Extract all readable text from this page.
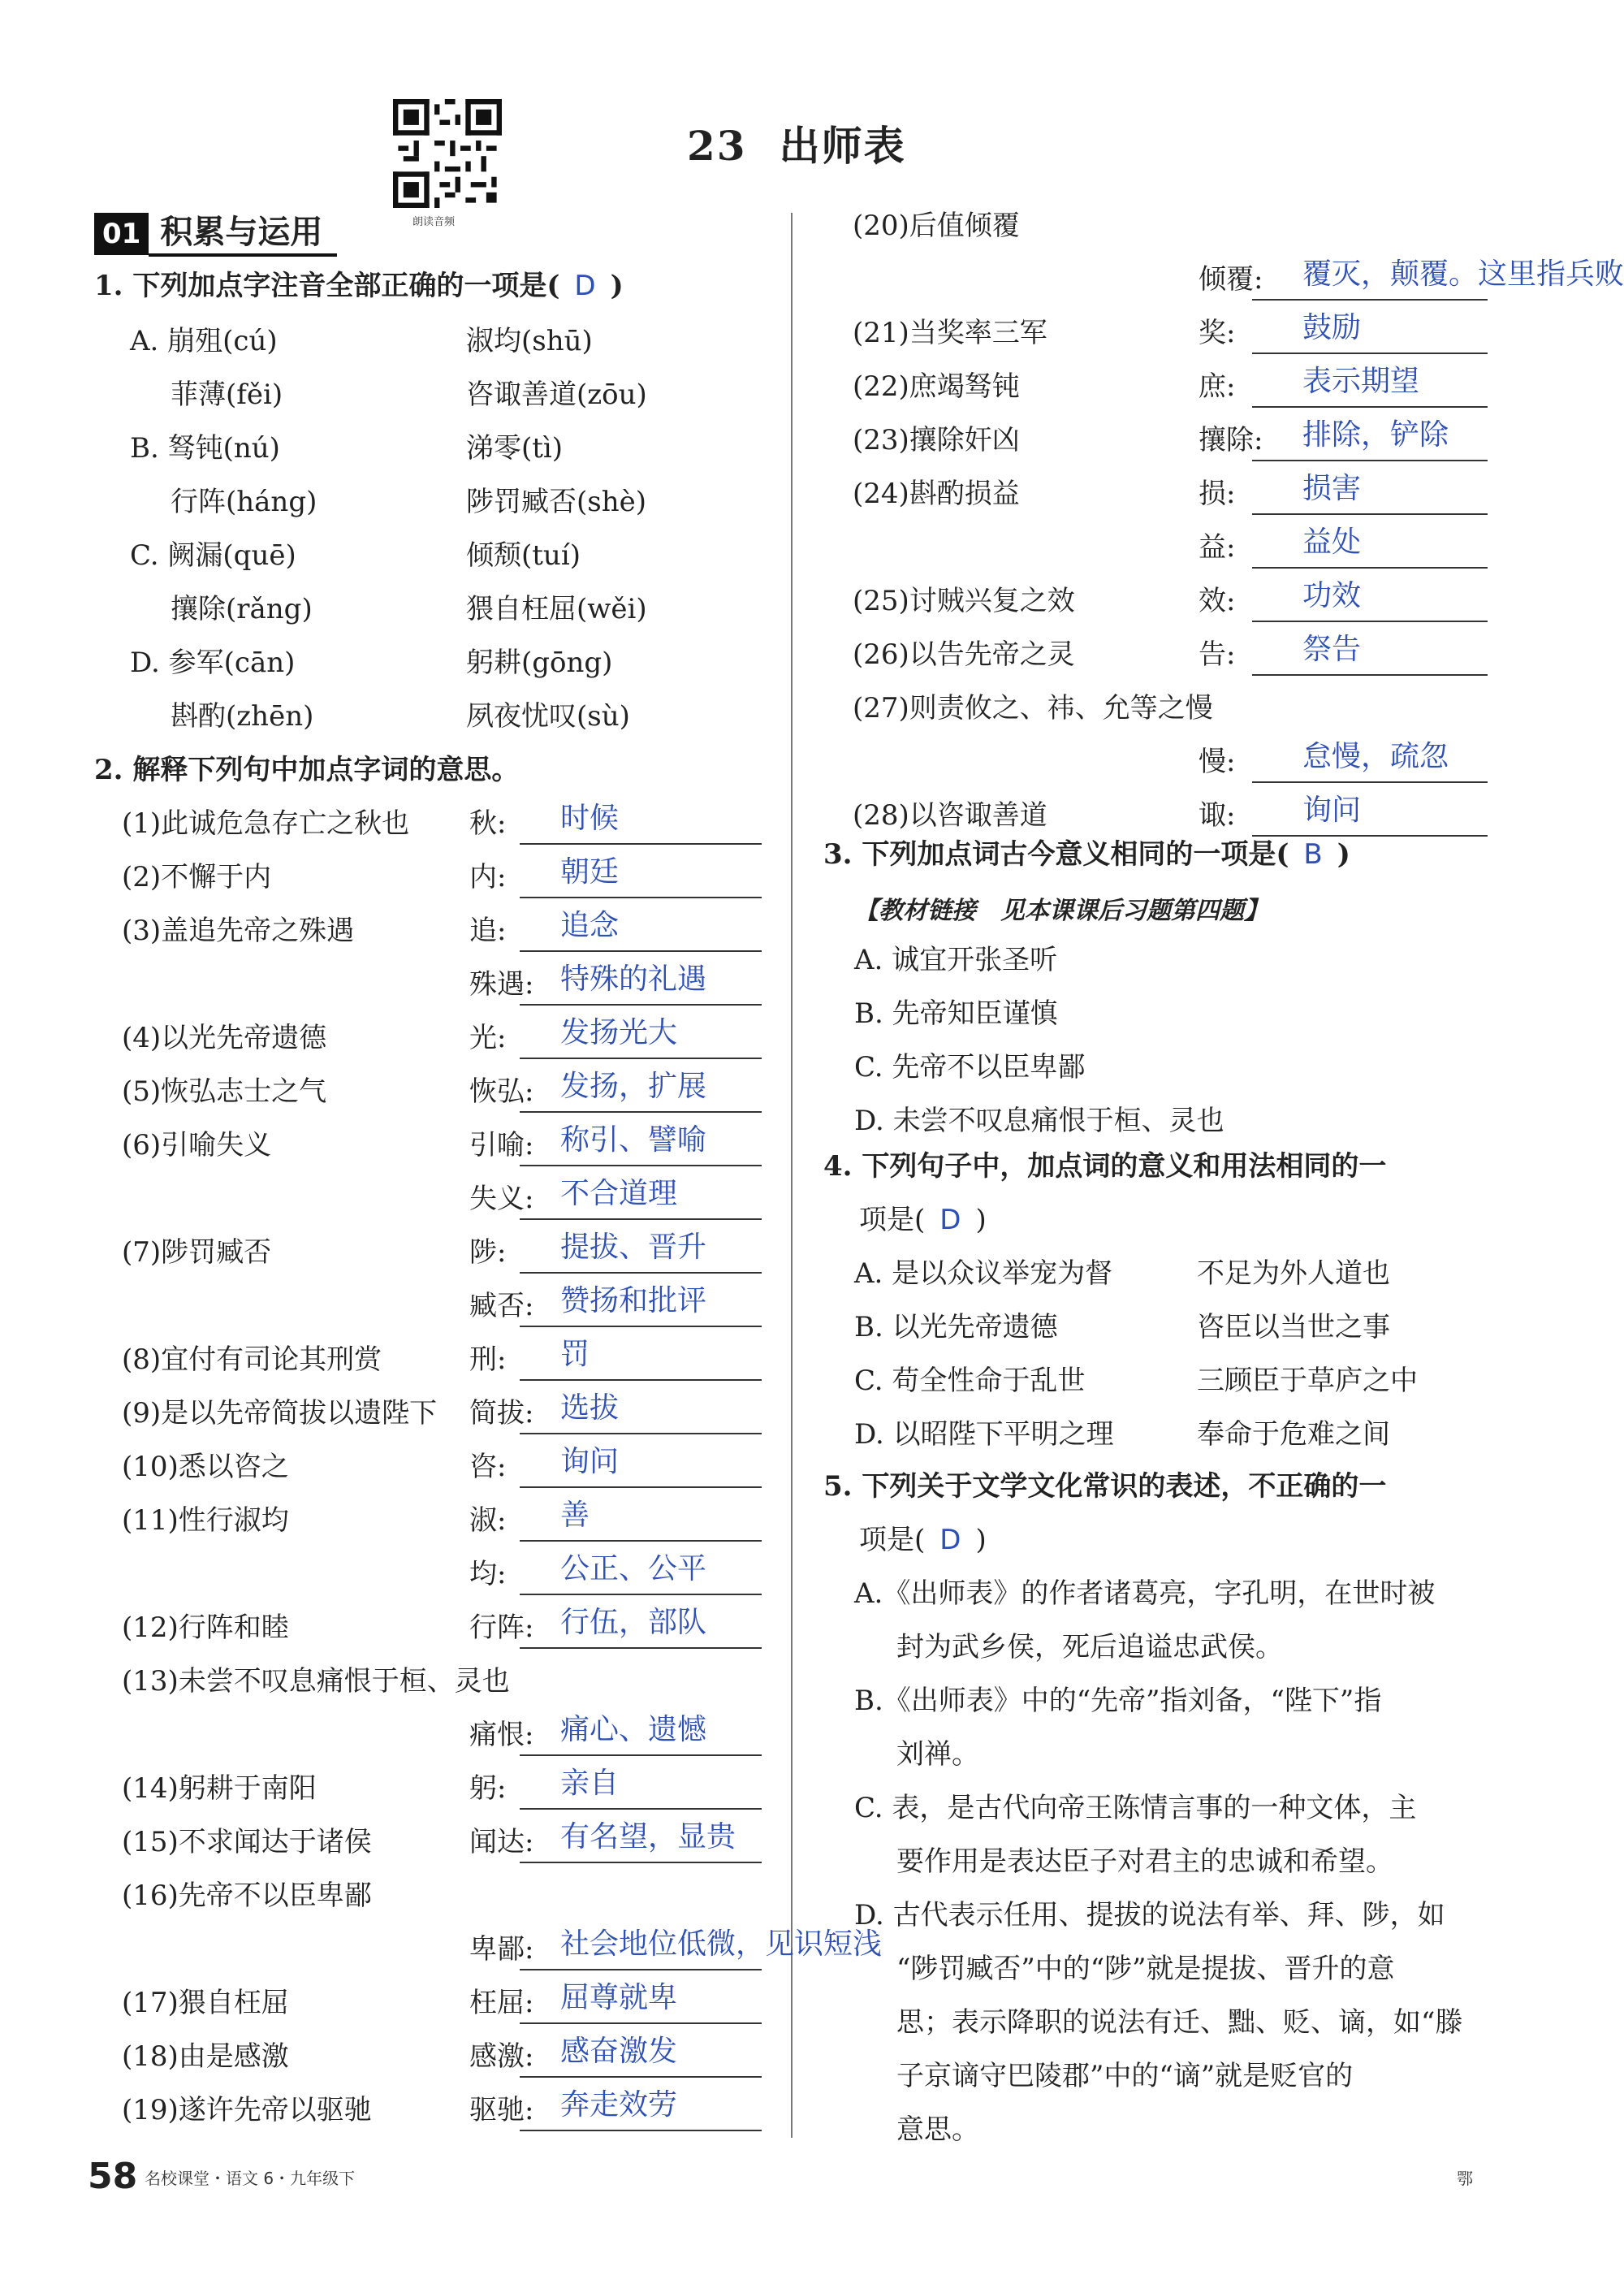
朗读音频
23 出师表
01 积累与运用
1. 下列加点字注音全部正确的一项是( D )
A. 崩殂(cú)	淑均(shū)
菲薄(fěi)	咨诹善道(zōu)
B. 驽钝(nú)	涕零(tì)
行阵(háng)	陟罚臧否(shè)
C. 阙漏(quē)	倾颓(tuí)
攘除(rǎng)	猥自枉屈(wěi)
D. 参军(cān)	躬耕(gōng)
斟酌(zhēn)	夙夜忧叹(sù)
2. 解释下列句中加点字词的意思。
(1)此诚危急存亡之秋也 秋: 时候
(2)不懈于内	内: 朝廷
(3)盖追先帝之殊遇	追: 追念
殊遇: 特殊的礼遇
(4)以光先帝遗德	光: 发扬光大
(5)恢弘志士之气	恢弘: 发扬，扩展
(6)引喻失义	引喻: 称引、譬喻
失义: 不合道理
(7)陟罚臧否	陟: 提拔、晋升
臧否: 赞扬和批评
(8)宜付有司论其刑赏	刑: 罚
(9)是以先帝简拔以遗陛下 简拔: 选拔
(10)悉以咨之	咨: 询问
(11)性行淑均	淑: 善
均: 公正、公平
(12)行阵和睦	行阵: 行伍，部队
(13)未尝不叹息痛恨于桓、灵也
痛恨: 痛心、遗憾
(14)躬耕于南阳	躬: 亲自
(15)不求闻达于诸侯	闻达: 有名望，显贵
(16)先帝不以臣卑鄙
卑鄙: 社会地位低微，见识短浅
(17)猥自枉屈	枉屈: 屈尊就卑
(18)由是感激	感激: 感奋激发
(19)遂许先帝以驱驰	驱驰: 奔走效劳
(20)后值倾覆
倾覆: 覆灭，颠覆。这里指兵败
(21)当奖率三军	奖: 鼓励
(22)庶竭驽钝	庶: 表示期望
(23)攘除奸凶	攘除: 排除，铲除
(24)斟酌损益	损: 损害
益: 益处
(25)讨贼兴复之效	效: 功效
(26)以告先帝之灵	告: 祭告
(27)则责攸之、祎、允等之慢
慢: 怠慢，疏忽
(28)以咨诹善道	诹: 询问
3. 下列加点词古今意义相同的一项是( B )
【教材链接　见本课课后习题第四题】
A. 诚宜开张圣听
B. 先帝知臣谨慎
C. 先帝不以臣卑鄙
D. 未尝不叹息痛恨于桓、灵也
4. 下列句子中，加点词的意义和用法相同的一
项是( D )
A. 是以众议举宠为督	不足为外人道也
B. 以光先帝遗德	咨臣以当世之事
C. 苟全性命于乱世	三顾臣于草庐之中
D. 以昭陛下平明之理	奉命于危难之间
5. 下列关于文学文化常识的表述，不正确的一
项是( D )
A.《出师表》的作者诸葛亮，字孔明，在世时被
封为武乡侯，死后追谥忠武侯。
B.《出师表》中的“先帝”指刘备，“陛下”指
刘禅。
C. 表，是古代向帝王陈情言事的一种文体，主
要作用是表达臣子对君主的忠诚和希望。
D. 古代表示任用、提拔的说法有举、拜、陟，如
“陟罚臧否”中的“陟”就是提拔、晋升的意
思；表示降职的说法有迁、黜、贬、谪，如“滕
子京谪守巴陵郡”中的“谪”就是贬官的
意思。
58 名校课堂・语文 6・九年级下	鄂
